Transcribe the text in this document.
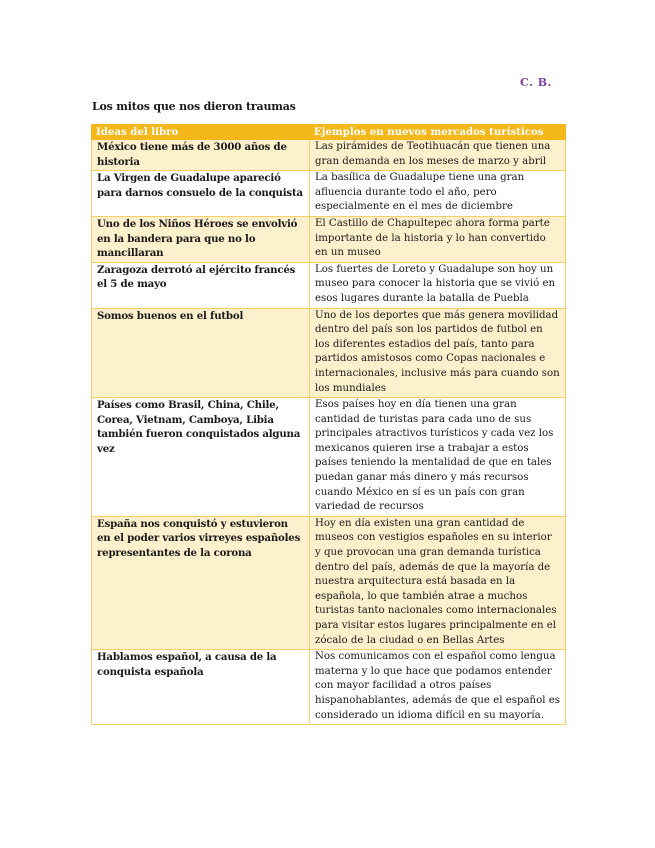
C. B.
Los mitos que nos dieron traumas
Ideas del libro	Ejemplos en nuevos mercados turísticos
México tiene más de 3000 años de historia	Las pirámides de Teotihuacán que tienen una gran demanda en los meses de marzo y abril
La Virgen de Guadalupe apareció para darnos consuelo de la conquista	La basílica de Guadalupe tiene una gran afluencia durante todo el año, pero especialmente en el mes de diciembre
Uno de los Niños Héroes se envolvió en la bandera para que no lo mancillaran	El Castillo de Chapultepec ahora forma parte importante de la historia y lo han convertido en un museo
Zaragoza derrotó al ejército francés el 5 de mayo	Los fuertes de Loreto y Guadalupe son hoy un museo para conocer la historia que se vivió en esos lugares durante la batalla de Puebla
Somos buenos en el futbol	Uno de los deportes que más genera movilidad dentro del país son los partidos de futbol en los diferentes estadios del país, tanto para partidos amistosos como Copas nacionales e internacionales, inclusive más para cuando son los mundiales
Países como Brasil, China, Chile, Corea, Vietnam, Camboya, Libia también fueron conquistados alguna vez	Esos países hoy en día tienen una gran cantidad de turistas para cada uno de sus principales atractivos turísticos y cada vez los mexicanos quieren irse a trabajar a estos países teniendo la mentalidad de que en tales puedan ganar más dinero y más recursos cuando México en sí es un país con gran variedad de recursos
España nos conquistó y estuvieron en el poder varios virreyes españoles representantes de la corona	Hoy en día existen una gran cantidad de museos con vestigios españoles en su interior y que provocan una gran demanda turística dentro del país, además de que la mayoría de nuestra arquitectura está basada en la española, lo que también atrae a muchos turistas tanto nacionales como internacionales para visitar estos lugares principalmente en el zócalo de la ciudad o en Bellas Artes
Hablamos español, a causa de la conquista española	Nos comunicamos con el español como lengua materna y lo que hace que podamos entender con mayor facilidad a otros países hispanohablantes, además de que el español es considerado un idioma difícil en su mayoría.
